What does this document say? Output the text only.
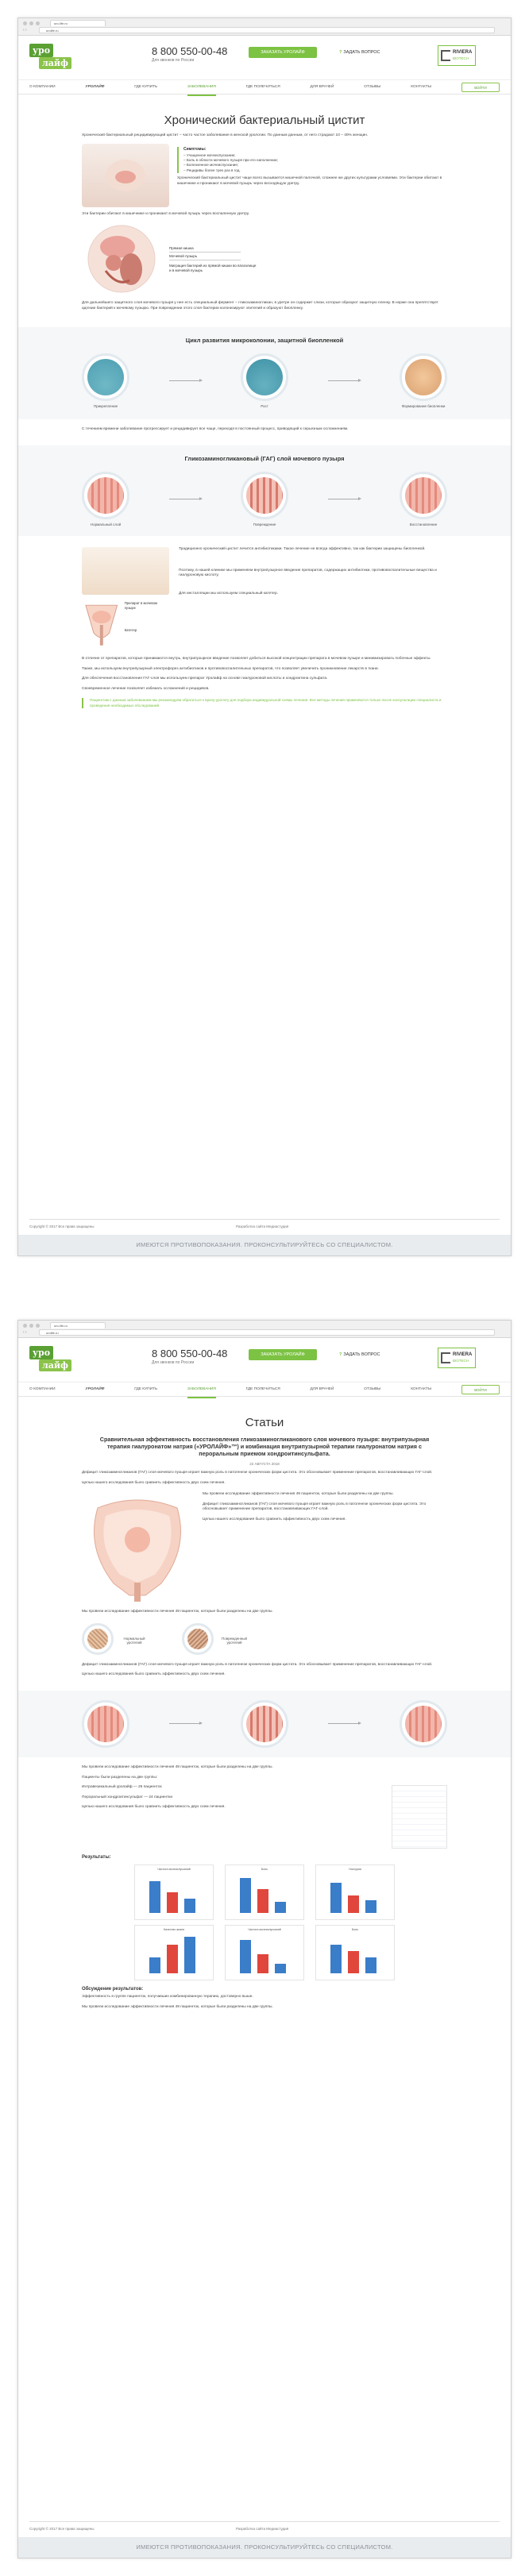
uro-life.ru
‹ ›	urolife.ru
уро
лайф
8 800 550-00-48
Для звонков по России
ЗАКАЗАТЬ УРОЛАЙФ	? ЗАДАТЬ ВОПРОС	RIVIERA
BIOTECH
О КОМПАНИИ	УРОЛАЙФ	ГДЕ КУПИТЬ	ЗАБОЛЕВАНИЯ	ГДЕ ПОЛЕЧИТЬСЯ	ДЛЯ ВРАЧЕЙ	ОТЗЫВЫ	КОНТАКТЫ	ВОЙТИ
Хронический бактериальный цистит

Хронический бактериальный рецидивирующий цистит – часто частое заболевание в женской урологии. По данным данным, от него страдают 10 – 40% женщин.

Симптомы:
– Учащенное мочеиспускание;
– Боль в области мочевого пузыря при его наполнении;
– Болезненное мочеиспускание;
– Рецидивы более трех раз в год.

Хронический бактериальный цистит чаще всего вызывается кишечной палочкой, сложнее же других культурами условиями. Эти бактерии обитают в кишечнике и проникают в мочевой пузырь через восходящую уретру.

Эти бактерии обитают в кишечнике и проникают в мочевой пузырь через воспаленную уретру.

Прямая кишка
Мочевой пузырь
Миграция бактерий из прямой кишки во влагалище и в мочевой пузырь

Для дальнейшего защитного слоя мочевого пузыря у нее есть специальный фермент – гликозаминогликан, в уретре он содержит слизи, которые образуют защитную пленку. В норме она препятствует адгезии бактерий к мочевому пузырю. При повреждении этого слоя бактерии колонизируют эпителий и образуют биопленку.

Цикл развития микроколонии, защитной биопленкой
Прикрепление	Рост	Формирование биопленки

С течением времени заболевание прогрессирует и рецидивирует все чаще, переходя в постоянный процесс, приводящий к серьезным осложнениям.

Гликозаминогликановый (ГАГ) слой мочевого пузыря
Нормальный слой	Повреждение	Восстановление
Препарат в мочевом пузыре
Катетер

Традиционно хронический цистит лечится антибиотиками. Такое лечение не всегда эффективно, так как бактерии защищены биопленкой.

Поэтому, в нашей клинике мы применяем внутрипузырное введение препаратов, содержащих антибиотики, противовоспалительные вещества и гиалуроновую кислоту.

Для инсталляции мы используем специальный катетер.

В отличие от препаратов, которые принимаются внутрь, внутрипузырное введение позволяет добиться высокой концентрации препарата в мочевом пузыре и минимизировать побочные эффекты.

Также, мы используем внутрипузырный электрофорез антибиотиков и противовоспалительных препаратов, что позволяет увеличить проникновение лекарств в ткани.

Для обеспечения восстановления ГАГ-слоя мы используем препарат Уролайф на основе гиалуроновой кислоты и хондроитина сульфата.

Своевременное лечение позволяет избежать осложнений и рецидивов.

Пациентам с данным заболеванием мы рекомендуем обратиться к врачу-урологу для подбора индивидуальной схемы лечения. Все методы лечения применяются только после консультации специалиста и проведения необходимых обследований.
Copyright © 2017 Все права защищены	Разработка сайта Медиастудия
ИМЕЮТСЯ ПРОТИВОПОКАЗАНИЯ. ПРОКОНСУЛЬТИРУЙТЕСЬ СО СПЕЦИАЛИСТОМ.
uro-life.ru
‹ ›	urolife.ru
уро
лайф
8 800 550-00-48
Для звонков по России
ЗАКАЗАТЬ УРОЛАЙФ	? ЗАДАТЬ ВОПРОС	RIVIERA
BIOTECH
О КОМПАНИИ	УРОЛАЙФ	ГДЕ КУПИТЬ	ЗАБОЛЕВАНИЯ	ГДЕ ПОЛЕЧИТЬСЯ	ДЛЯ ВРАЧЕЙ	ОТЗЫВЫ	КОНТАКТЫ	ВОЙТИ
Статьи
Сравнительная эффективность восстановления гликозаминогликанового слоя мочевого пузыря: внутрипузырная терапия гиалуронатом натрия («УРОЛАЙФ»™) и комбинация внутрипузырной терапии гиалуронатом натрия с пероральным приемом хондроитинсульфата.
22 АВГУСТА 2018

Дефицит гликозаминогликанов (ГАГ) слоя мочевого пузыря играет важную роль в патогенезе хронических форм цистита. Это обосновывает применение препаратов, восстанавливающих ГАГ-слой.

Целью нашего исследования было сравнить эффективность двух схем лечения.

Мы провели исследование эффективности лечения 49 пациенток, которые были разделены на две группы.

Дефицит гликозаминогликанов (ГАГ) слоя мочевого пузыря играет важную роль в патогенезе хронических форм цистита. Это обосновывает применение препаратов, восстанавливающих ГАГ-слой.

Целью нашего исследования было сравнить эффективность двух схем лечения.

Мы провели исследование эффективности лечения 49 пациенток, которые были разделены на две группы.

Нормальный уротелий
Поврежденный уротелий

Дефицит гликозаминогликанов (ГАГ) слоя мочевого пузыря играет важную роль в патогенезе хронических форм цистита. Это обосновывает применение препаратов, восстанавливающих ГАГ-слой.

Целью нашего исследования было сравнить эффективность двух схем лечения.

Мы провели исследование эффективности лечения 49 пациенток, которые были разделены на две группы.

Пациенты были разделены на две группы:

Интравезикальный уролайф — 25 пациенток

Пероральный хондроитинсульфат — 24 пациентки

Целью нашего исследования было сравнить эффективность двух схем лечения.

Результаты:
Частота мочеиспусканий	Боль	Ноктурия
Качество жизни	Частота мочеиспусканий	Боль
Обсуждение результатов:

Эффективность в группе пациенток, получавших комбинированную терапию, достоверно выше.

Мы провели исследование эффективности лечения 49 пациенток, которые были разделены на две группы.

Copyright © 2017 Все права защищены	Разработка сайта Медиастудия
ИМЕЮТСЯ ПРОТИВОПОКАЗАНИЯ. ПРОКОНСУЛЬТИРУЙТЕСЬ СО СПЕЦИАЛИСТОМ.
